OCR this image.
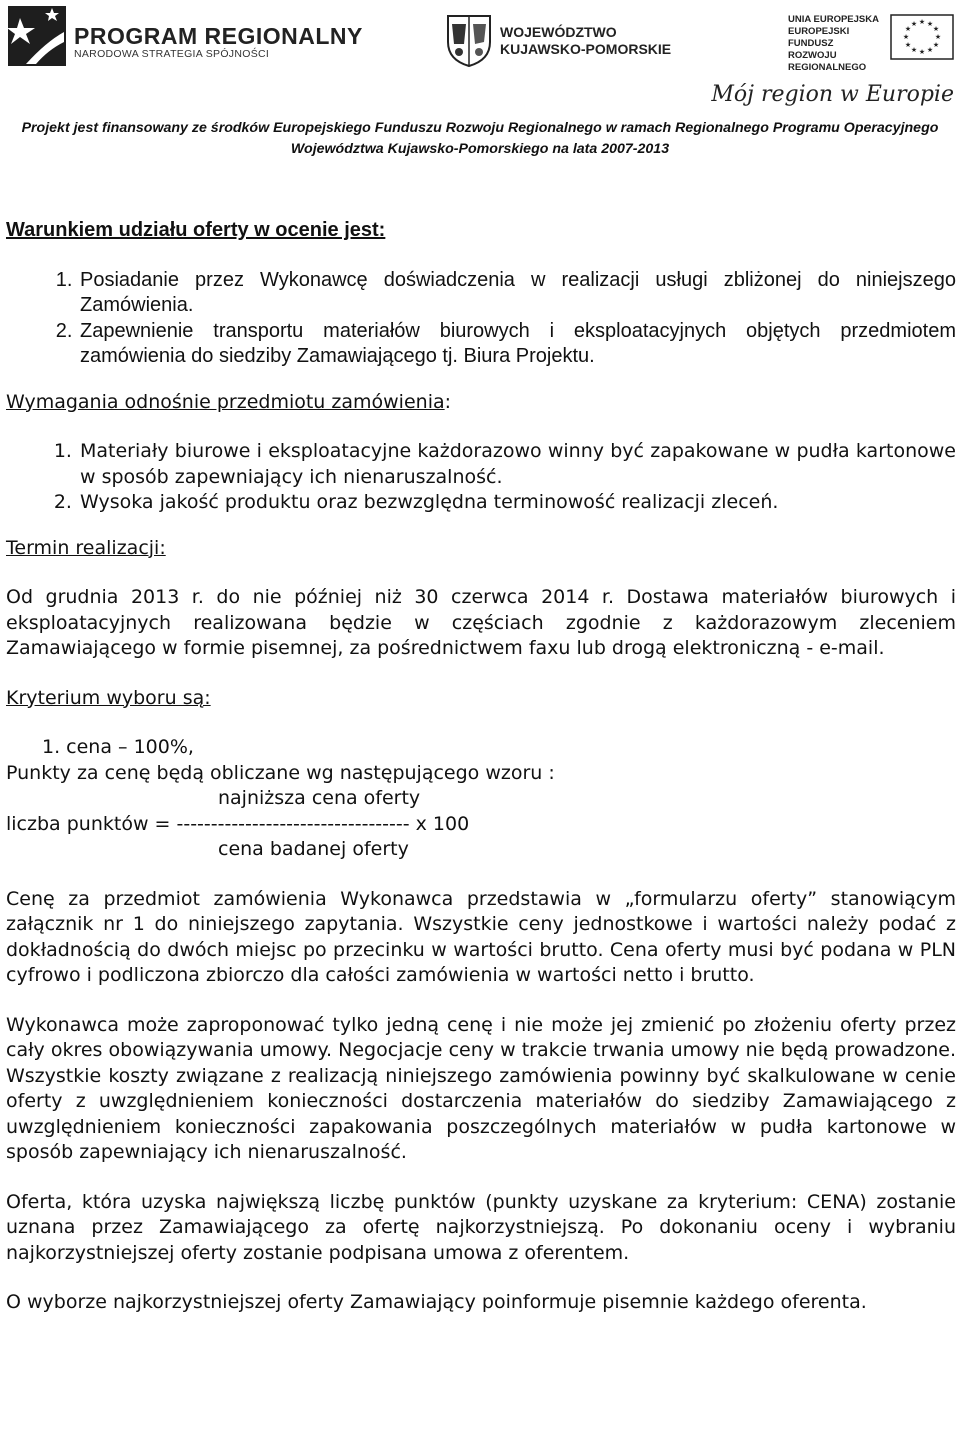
PROGRAM REGIONALNY
NARODOWA STRATEGIA SPÓJNOŚCI
WOJEWÓDZTWO
KUJAWSKO-POMORSKIE
UNIA EUROPEJSKA
EUROPEJSKI FUNDUSZ
ROZWOJU REGIONALNEGO
★ ★
★
★
★
★
★
★
★
★
★
★
Mój region w Europie
Projekt jest finansowany ze środków Europejskiego Funduszu Rozwoju Regionalnego w ramach Regionalnego Programu Operacyjnego
Województwa Kujawsko-Pomorskiego na lata 2007-2013

Warunkiem udziału oferty w ocenie jest:

1. Posiadanie przez Wykonawcę doświadczenia w realizacji usługi zbliżonej do niniejszego Zamówienia.
2. Zapewnienie transportu materiałów biurowych i eksploatacyjnych objętych przedmiotem zamówienia do siedziby Zamawiającego tj. Biura Projektu.

Wymagania odnośnie przedmiotu zamówienia:

1. Materiały biurowe i eksploatacyjne każdorazowo winny być zapakowane w pudła kartonowe w sposób zapewniający ich nienaruszalność.
2. Wysoka jakość produktu oraz bezwzględna terminowość realizacji zleceń.

Termin realizacji:

Od grudnia 2013 r. do nie później niż 30 czerwca 2014 r. Dostawa materiałów biurowych i eksploatacyjnych realizowana będzie w częściach zgodnie z każdorazowym zleceniem Zamawiającego w formie pisemnej, za pośrednictwem faxu lub drogą elektroniczną - e-mail.

Kryterium wyboru są:

1. cena – 100%,

Punkty za cenę będą obliczane wg następującego wzoru :

najniższa cena oferty

liczba punktów = ---------------------------------- x 100

cena badanej oferty

Cenę za przedmiot zamówienia Wykonawca przedstawia w „formularzu oferty” stanowiącym załącznik nr 1 do niniejszego zapytania. Wszystkie ceny jednostkowe i wartości należy podać z dokładnością do dwóch miejsc po przecinku w wartości brutto. Cena oferty musi być podana w PLN cyfrowo i podliczona zbiorczo dla całości zamówienia w wartości netto i brutto.

Wykonawca może zaproponować tylko jedną cenę i nie może jej zmienić po złożeniu oferty przez cały okres obowiązywania umowy. Negocjacje ceny w trakcie trwania umowy nie będą prowadzone. Wszystkie koszty związane z realizacją niniejszego zamówienia powinny być skalkulowane w cenie oferty z uwzględnieniem konieczności dostarczenia materiałów do siedziby Zamawiającego z uwzględnieniem konieczności zapakowania poszczególnych materiałów w pudła kartonowe w sposób zapewniający ich nienaruszalność.

Oferta, która uzyska największą liczbę punktów (punkty uzyskane za kryterium: CENA) zostanie uznana przez Zamawiającego za ofertę najkorzystniejszą. Po dokonaniu oceny i wybraniu najkorzystniejszej oferty zostanie podpisana umowa z oferentem.

O wyborze najkorzystniejszej oferty Zamawiający poinformuje pisemnie każdego oferenta.
